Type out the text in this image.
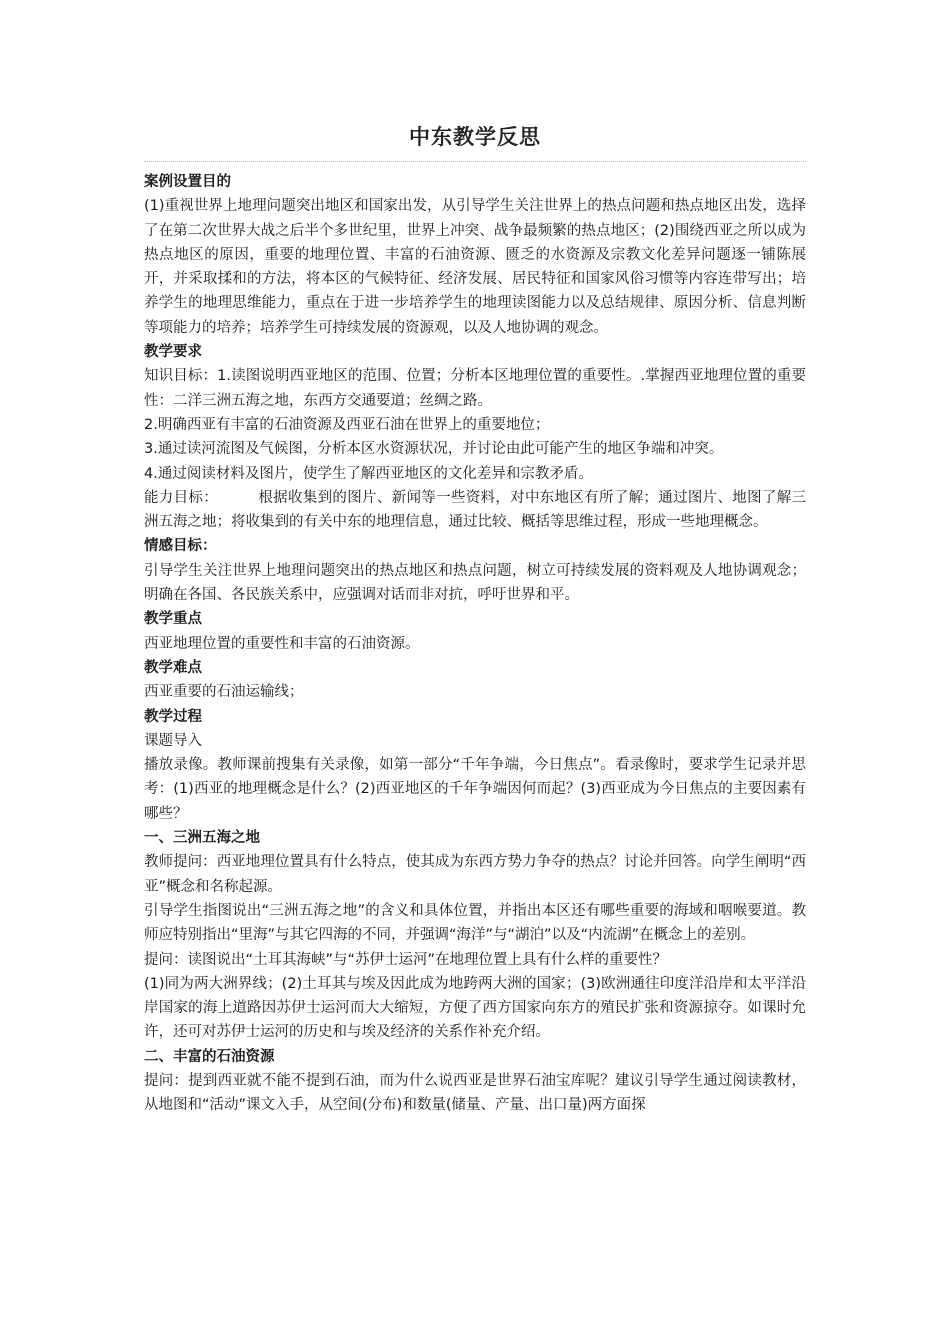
中东教学反思

案例设置目的

(1)重视世界上地理问题突出地区和国家出发，从引导学生关注世界上的热点问题和热点地区出发，选择了在第二次世界大战之后半个多世纪里，世界上冲突、战争最频繁的热点地区；(2)围绕西亚之所以成为热点地区的原因，重要的地理位置、丰富的石油资源、匮乏的水资源及宗教文化差异问题逐一铺陈展开，并采取揉和的方法，将本区的气候特征、经济发展、居民特征和国家风俗习惯等内容连带写出；培养学生的地理思维能力，重点在于进一步培养学生的地理读图能力以及总结规律、原因分析、信息判断等项能力的培养；培养学生可持续发展的资源观，以及人地协调的观念。

教学要求

知识目标：1.读图说明西亚地区的范围、位置；分析本区地理位置的重要性。.掌握西亚地理位置的重要性：二洋三洲五海之地，东西方交通要道；丝绸之路。

2.明确西亚有丰富的石油资源及西亚石油在世界上的重要地位；

3.通过读河流图及气候图，分析本区水资源状况，并讨论由此可能产生的地区争端和冲突。

4.通过阅读材料及图片，使学生了解西亚地区的文化差异和宗教矛盾。

能力目标：	根据收集到的图片、新闻等一些资料，对中东地区有所了解；通过图片、地图了解三洲五海之地；将收集到的有关中东的地理信息，通过比较、概括等思维过程，形成一些地理概念。

情感目标：

引导学生关注世界上地理问题突出的热点地区和热点问题，树立可持续发展的资料观及人地协调观念；明确在各国、各民族关系中，应强调对话而非对抗，呼吁世界和平。

教学重点

西亚地理位置的重要性和丰富的石油资源。

教学难点

西亚重要的石油运输线；

教学过程

课题导入

播放录像。教师课前搜集有关录像，如第一部分“千年争端，今日焦点”。看录像时，要求学生记录并思考：(1)西亚的地理概念是什么？(2)西亚地区的千年争端因何而起？(3)西亚成为今日焦点的主要因素有哪些？

一、三洲五海之地

教师提问：西亚地理位置具有什么特点，使其成为东西方势力争夺的热点？讨论并回答。向学生阐明“西亚”概念和名称起源。

引导学生指图说出“三洲五海之地”的含义和具体位置，并指出本区还有哪些重要的海域和咽喉要道。教师应特别指出“里海”与其它四海的不同，并强调“海洋”与“湖泊”以及“内流湖”在概念上的差别。

提问：读图说出“土耳其海峡”与“苏伊士运河”在地理位置上具有什么样的重要性？

(1)同为两大洲界线；(2)土耳其与埃及因此成为地跨两大洲的国家；(3)欧洲通往印度洋沿岸和太平洋沿岸国家的海上道路因苏伊士运河而大大缩短，方便了西方国家向东方的殖民扩张和资源掠夺。如课时允许，还可对苏伊士运河的历史和与埃及经济的关系作补充介绍。

二、丰富的石油资源

提问：提到西亚就不能不提到石油，而为什么说西亚是世界石油宝库呢？建议引导学生通过阅读教材，从地图和“活动”课文入手，从空间(分布)和数量(储量、产量、出口量)两方面探
